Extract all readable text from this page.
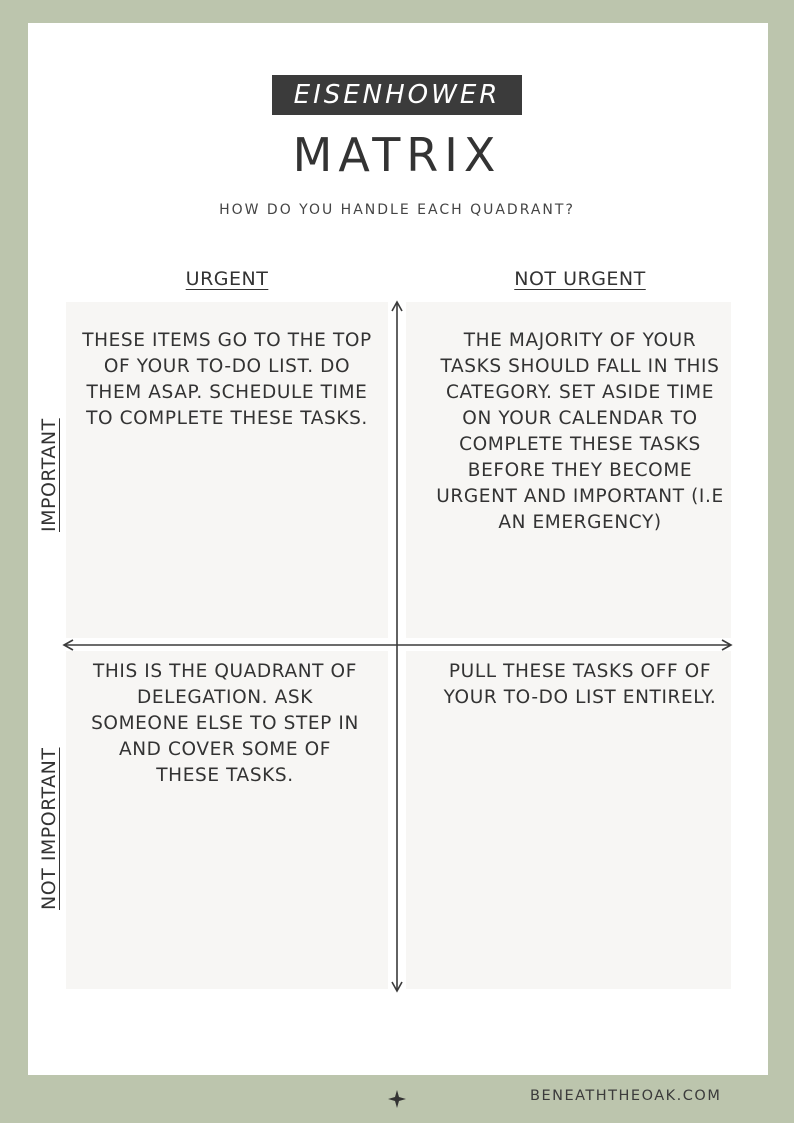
EISENHOWER
MATRIX
HOW DO YOU HANDLE EACH QUADRANT?
URGENT	NOT URGENT
IMPORTANT
NOT IMPORTANT
THESE ITEMS GO TO THE TOP OF YOUR TO-DO LIST. DO THEM ASAP. SCHEDULE TIME TO COMPLETE THESE TASKS.
THE MAJORITY OF YOUR TASKS SHOULD FALL IN THIS CATEGORY. SET ASIDE TIME ON YOUR CALENDAR TO COMPLETE THESE TASKS BEFORE THEY BECOME URGENT AND IMPORTANT (I.E AN EMERGENCY)
THIS IS THE QUADRANT OF DELEGATION. ASK SOMEONE ELSE TO STEP IN AND COVER SOME OF THESE TASKS.
PULL THESE TASKS OFF OF YOUR TO-DO LIST ENTIRELY.
BENEATHTHEOAK.COM
